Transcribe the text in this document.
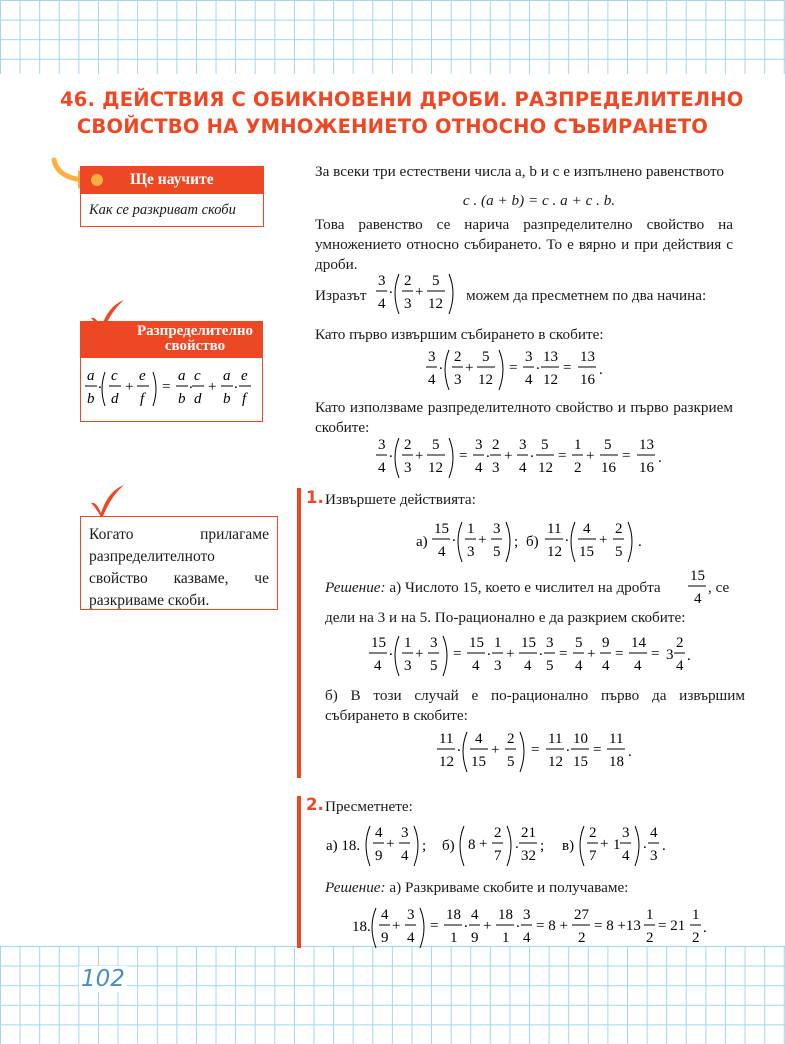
46. ДЕЙСТВИЯ С ОБИКНОВЕНИ ДРОБИ. РАЗПРЕДЕЛИТЕЛНО
СВОЙСТВО НА УМНОЖЕНИЕТО ОТНОСНО СЪБИРАНЕТО
Ще научите
Как се разкриват скоби
Разпределително свойство
a
b
. c
d
+
e
f
=
a
b
. c
d
+
a
b
. e
f
Когато прилагаме разпределителното свойство казваме, че разкриваме скоби.
За всеки три естествени числа a, b и c е изпълнено равенството
c . (a + b) = c . a + c . b.
Това равенство се нарича разпределително свойство на умножението относно събирането. То е вярно и при действия с дроби.
Изразът
3
4
. 2
3
+
5
12 можем да пресметнем по два начина:
Като първо извършим събирането в скобите:
3
4
. 2
3
+
5
12
=
3
4
. 13
12
=
13
16
.
Като използваме разпределителното свойство и първо разкрием скобите:
3
4
. 2
3
+
5
12
=
3
4
. 2
3
+
3
4
. 5
12
=
1
2
+
5
16
=
13
16
.
1. Извършете действията:
а)
15
4
. 1
3
+
3
5
; б)
11
12
. 4
15
+
2
5
.
Решение: а) Числото 15, което е числител на дробта
15
4
, се
дели на 3 и на 5. По-рационално е да разкрием скобите:
15
4
. 1
3
+
3
5
=
15
4
. 1
3
+
15
4
. 3
5
=
5
4
+
9
4
=
14
4
= 3
2
4
.
б) В този случай е по-рационално първо да извършим събирането в скобите:
11
12
. 4
15
+
2
5
=
11
12
. 10
15
=
11
18
.
2. Пресметнете:
а) 18.
4
9
+
3
4
; б) 8 +
2
7
.
21
32
; в)
2
7
+ 1
3
4
.
4
3
.
Решение: а) Разкриваме скобите и получаваме:
18.
4
9
+
3
4
=
18
1
. 4
9
+
18
1
. 3
4
= 8 +
27
2
= 8 +13
1
2
= 21
1
2
.
102
